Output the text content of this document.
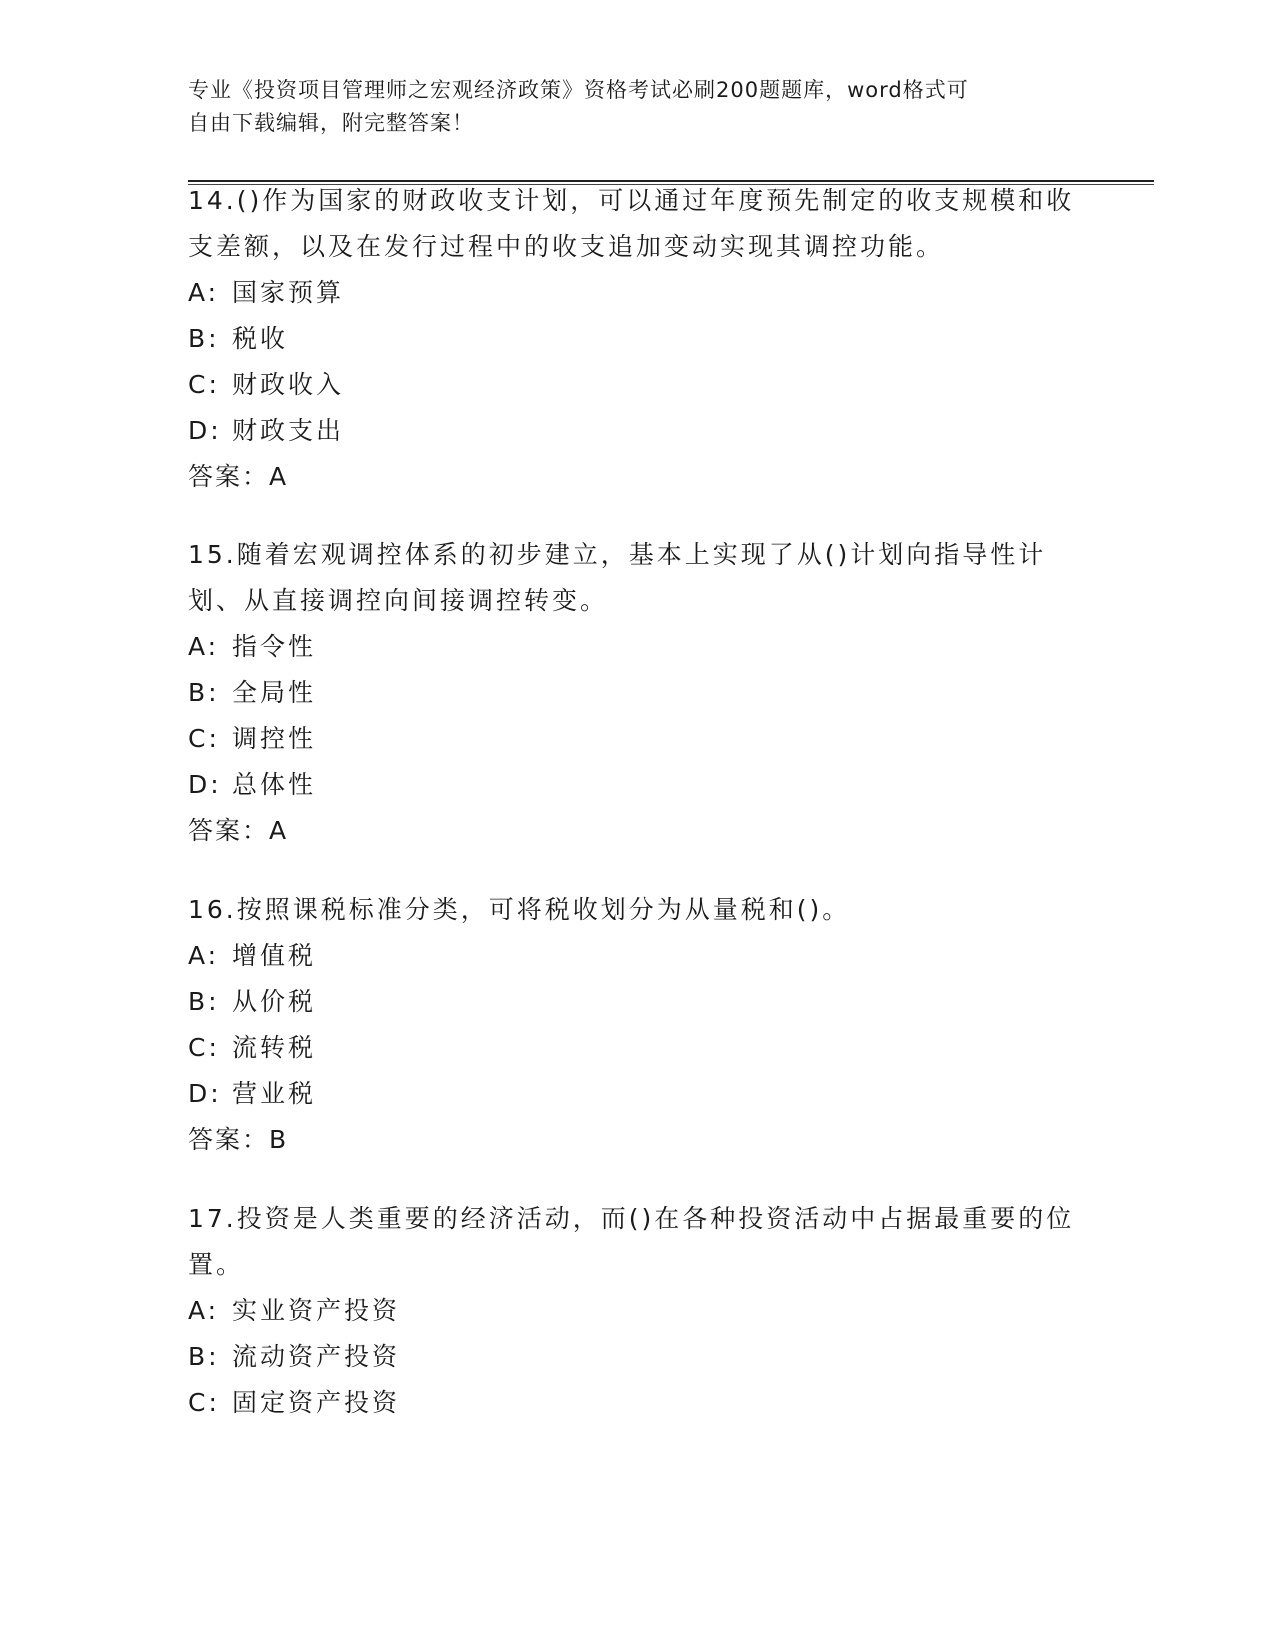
专业《投资项目管理师之宏观经济政策》资格考试必刷200题题库，word格式可
自由下载编辑，附完整答案！
14.()作为国家的财政收支计划，可以通过年度预先制定的收支规模和收支差额，以及在发行过程中的收支追加变动实现其调控功能。
A: 国家预算
B: 税收
C: 财政收入
D: 财政支出
答案：A
15.随着宏观调控体系的初步建立，基本上实现了从()计划向指导性计划、从直接调控向间接调控转变。
A: 指令性
B: 全局性
C: 调控性
D: 总体性
答案：A
16.按照课税标准分类，可将税收划分为从量税和()。
A: 增值税
B: 从价税
C: 流转税
D: 营业税
答案：B
17.投资是人类重要的经济活动，而()在各种投资活动中占据最重要的位置。
A: 实业资产投资
B: 流动资产投资
C: 固定资产投资
